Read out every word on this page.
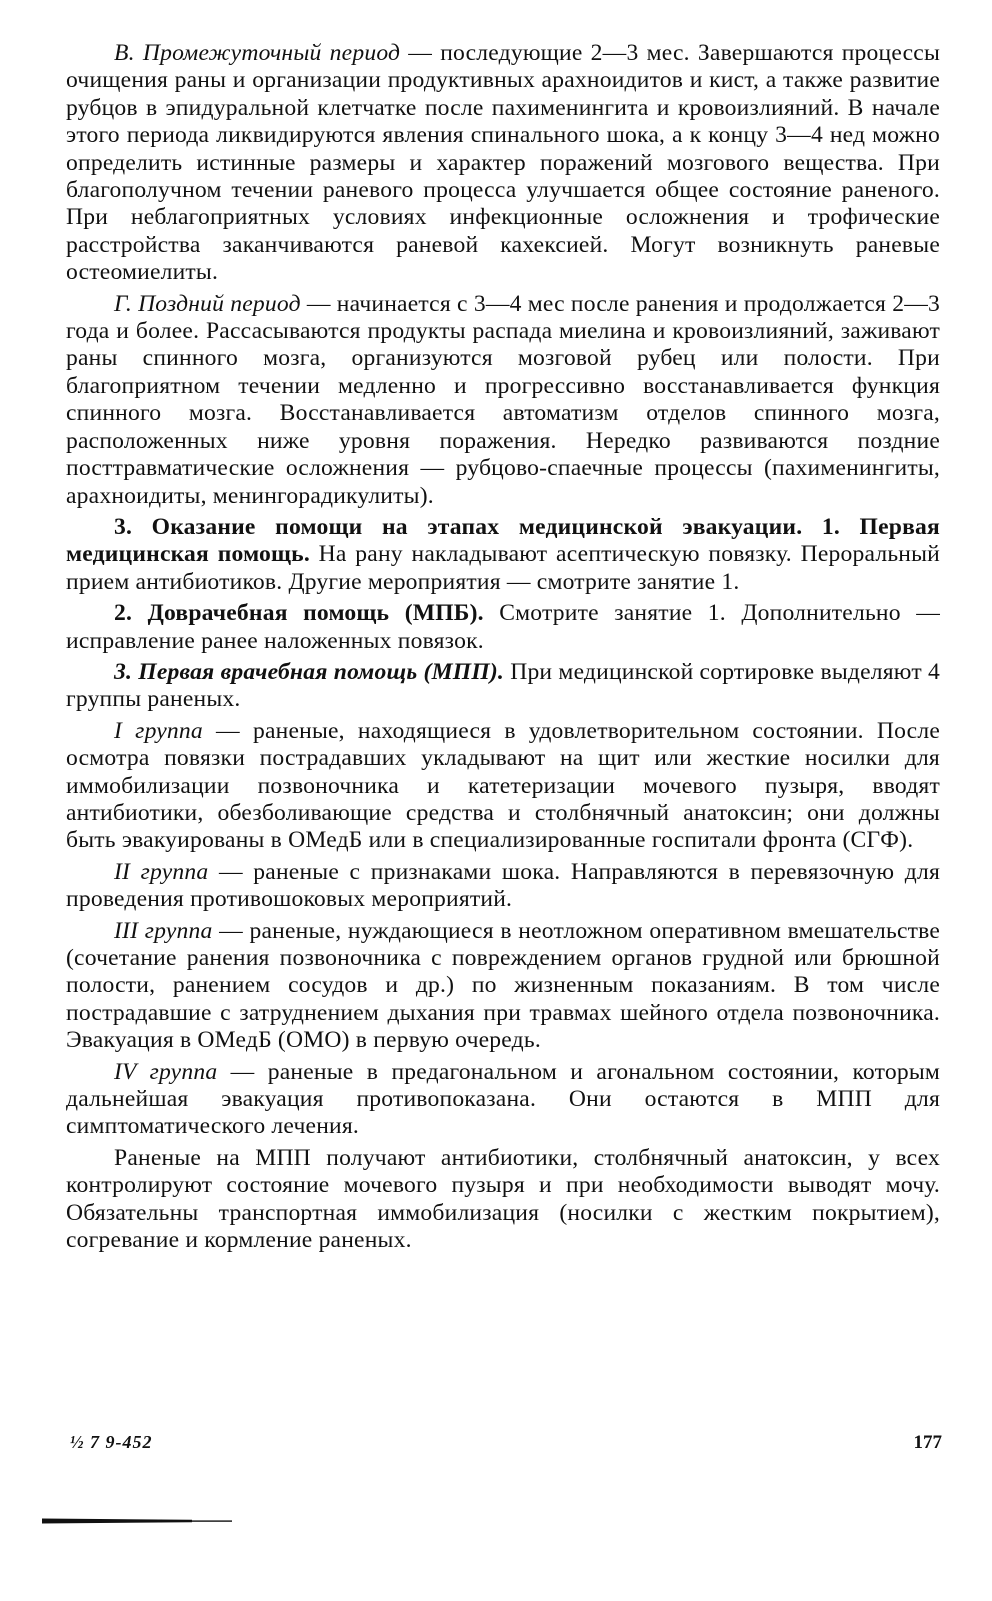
В. Промежуточный период — последующие 2—3 мес. Завершаются процессы очищения раны и организации продуктивных арахноидитов и кист, а также развитие рубцов в эпидуральной клетчатке после пахименингита и кровоизлияний. В начале этого периода ликвидируются явления спинального шока, а к концу 3—4 нед можно определить истинные размеры и характер поражений мозгового вещества. При благополучном течении раневого процесса улучшается общее состояние раненого. При неблагоприятных условиях инфекционные осложнения и трофические расстройства заканчиваются раневой кахексией. Могут возникнуть раневые остеомиелиты.

Г. Поздний период — начинается с 3—4 мес после ранения и продолжается 2—3 года и более. Рассасываются продукты распада миелина и кровоизлияний, заживают раны спинного мозга, организуются мозговой рубец или полости. При благоприятном течении медленно и прогрессивно восстанавливается функция спинного мозга. Восстанавливается автоматизм отделов спинного мозга, расположенных ниже уровня поражения. Нередко развиваются поздние посттравматические осложнения — рубцово-спаечные процессы (пахименингиты, арахноидиты, менингорадикулиты).

3. Оказание помощи на этапах медицинской эвакуации. 1. Первая медицинская помощь. На рану накладывают асептическую повязку. Пероральный прием антибиотиков. Другие мероприятия — смотрите занятие 1.

2. Доврачебная помощь (МПБ). Смотрите занятие 1. Дополнительно — исправление ранее наложенных повязок.

3. Первая врачебная помощь (МПП). При медицинской сортировке выделяют 4 группы раненых.

I группа — раненые, находящиеся в удовлетворительном состоянии. После осмотра повязки пострадавших укладывают на щит или жесткие носилки для иммобилизации позвоночника и катетеризации мочевого пузыря, вводят антибиотики, обезболивающие средства и столбнячный анатоксин; они должны быть эвакуированы в ОМедБ или в специализированные госпитали фронта (СГФ).

II группа — раненые с признаками шока. Направляются в перевязочную для проведения противошоковых мероприятий.

III группа — раненые, нуждающиеся в неотложном оперативном вмешательстве (сочетание ранения позвоночника с повреждением органов грудной или брюшной полости, ранением сосудов и др.) по жизненным показаниям. В том числе пострадавшие с затруднением дыхания при травмах шейного отдела позвоночника. Эвакуация в ОМедБ (ОМО) в первую очередь.

IV группа — раненые в предагональном и агональном состоянии, которым дальнейшая эвакуация противопоказана. Они остаются в МПП для симптоматического лечения.

Раненые на МПП получают антибиотики, столбнячный анатоксин, у всех контролируют состояние мочевого пузыря и при необходимости выводят мочу. Обязательны транспортная иммобилизация (носилки с жестким покрытием), согревание и кормление раненых.

½ 7 9-452	177
